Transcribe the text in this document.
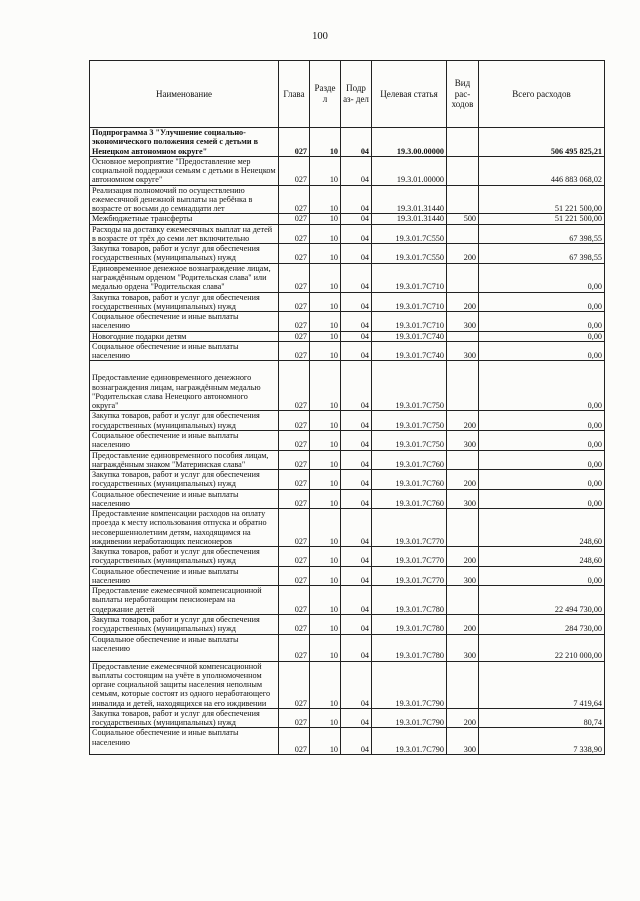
100
Наименование	Глава	Разде л	Подр аз- дел	Целевая статья	Вид рас- ходов	Всего расходов
Подпрограмма 3 "Улучшение социально-экономического положения семей с детьми в Ненецком автономном округе"	027	10	04	19.3.00.00000		506 495 825,21
Основное мероприятие "Предоставление мер социальной поддержки семьям с детьми в Ненецком автономном округе"	027	10	04	19.3.01.00000		446 883 068,02
Реализация полномочий по осуществлению ежемесячной денежной выплаты на ребёнка в возрасте от восьми до семнадцати лет	027	10	04	19.3.01.31440		51 221 500,00
Межбюджетные трансферты	027	10	04	19.3.01.31440	500	51 221 500,00
Расходы на доставку ежемесячных выплат на детей в возрасте от трёх до семи лет включительно	027	10	04	19.3.01.7С550		67 398,55
Закупка товаров, работ и услуг для обеспечения государственных (муниципальных) нужд	027	10	04	19.3.01.7С550	200	67 398,55
Единовременное денежное вознаграждение лицам, награждённым орденом "Родительская слава" или медалью ордена "Родительская слава"	027	10	04	19.3.01.7С710		0,00
Закупка товаров, работ и услуг для обеспечения государственных (муниципальных) нужд	027	10	04	19.3.01.7С710	200	0,00
Социальное обеспечение и иные выплаты населению	027	10	04	19.3.01.7С710	300	0,00
Новогодние подарки детям	027	10	04	19.3.01.7С740		0,00
Социальное обеспечение и иные выплаты населению	027	10	04	19.3.01.7С740	300	0,00
Предоставление единовременного денежного вознаграждения лицам, награждённым медалью "Родительская слава Ненецкого автономного округа"	027	10	04	19.3.01.7С750		0,00
Закупка товаров, работ и услуг для обеспечения государственных (муниципальных) нужд	027	10	04	19.3.01.7С750	200	0,00
Социальное обеспечение и иные выплаты населению	027	10	04	19.3.01.7С750	300	0,00
Предоставление единовременного пособия лицам, награждённым знаком "Материнская слава"	027	10	04	19.3.01.7С760		0,00
Закупка товаров, работ и услуг для обеспечения государственных (муниципальных) нужд	027	10	04	19.3.01.7С760	200	0,00
Социальное обеспечение и иные выплаты населению	027	10	04	19.3.01.7С760	300	0,00
Предоставление компенсации расходов на оплату проезда к месту использования отпуска и обратно несовершеннолетним детям, находящимся на иждивении неработающих пенсионеров	027	10	04	19.3.01.7С770		248,60
Закупка товаров, работ и услуг для обеспечения государственных (муниципальных) нужд	027	10	04	19.3.01.7С770	200	248,60
Социальное обеспечение и иные выплаты населению	027	10	04	19.3.01.7С770	300	0,00
Предоставление ежемесячной компенсационной выплаты неработающим пенсионерам на содержание детей	027	10	04	19.3.01.7С780		22 494 730,00
Закупка товаров, работ и услуг для обеспечения государственных (муниципальных) нужд	027	10	04	19.3.01.7С780	200	284 730,00
Социальное обеспечение и иные выплаты населению	027	10	04	19.3.01.7С780	300	22 210 000,00
Предоставление ежемесячной компенсационной выплаты состоящим на учёте в уполномоченном органе социальной защиты населения неполным семьям, которые состоят из одного неработающего инвалида и детей, находящихся на его иждивении	027	10	04	19.3.01.7С790		7 419,64
Закупка товаров, работ и услуг для обеспечения государственных (муниципальных) нужд	027	10	04	19.3.01.7С790	200	80,74
Социальное обеспечение и иные выплаты населению	027	10	04	19.3.01.7С790	300	7 338,90
